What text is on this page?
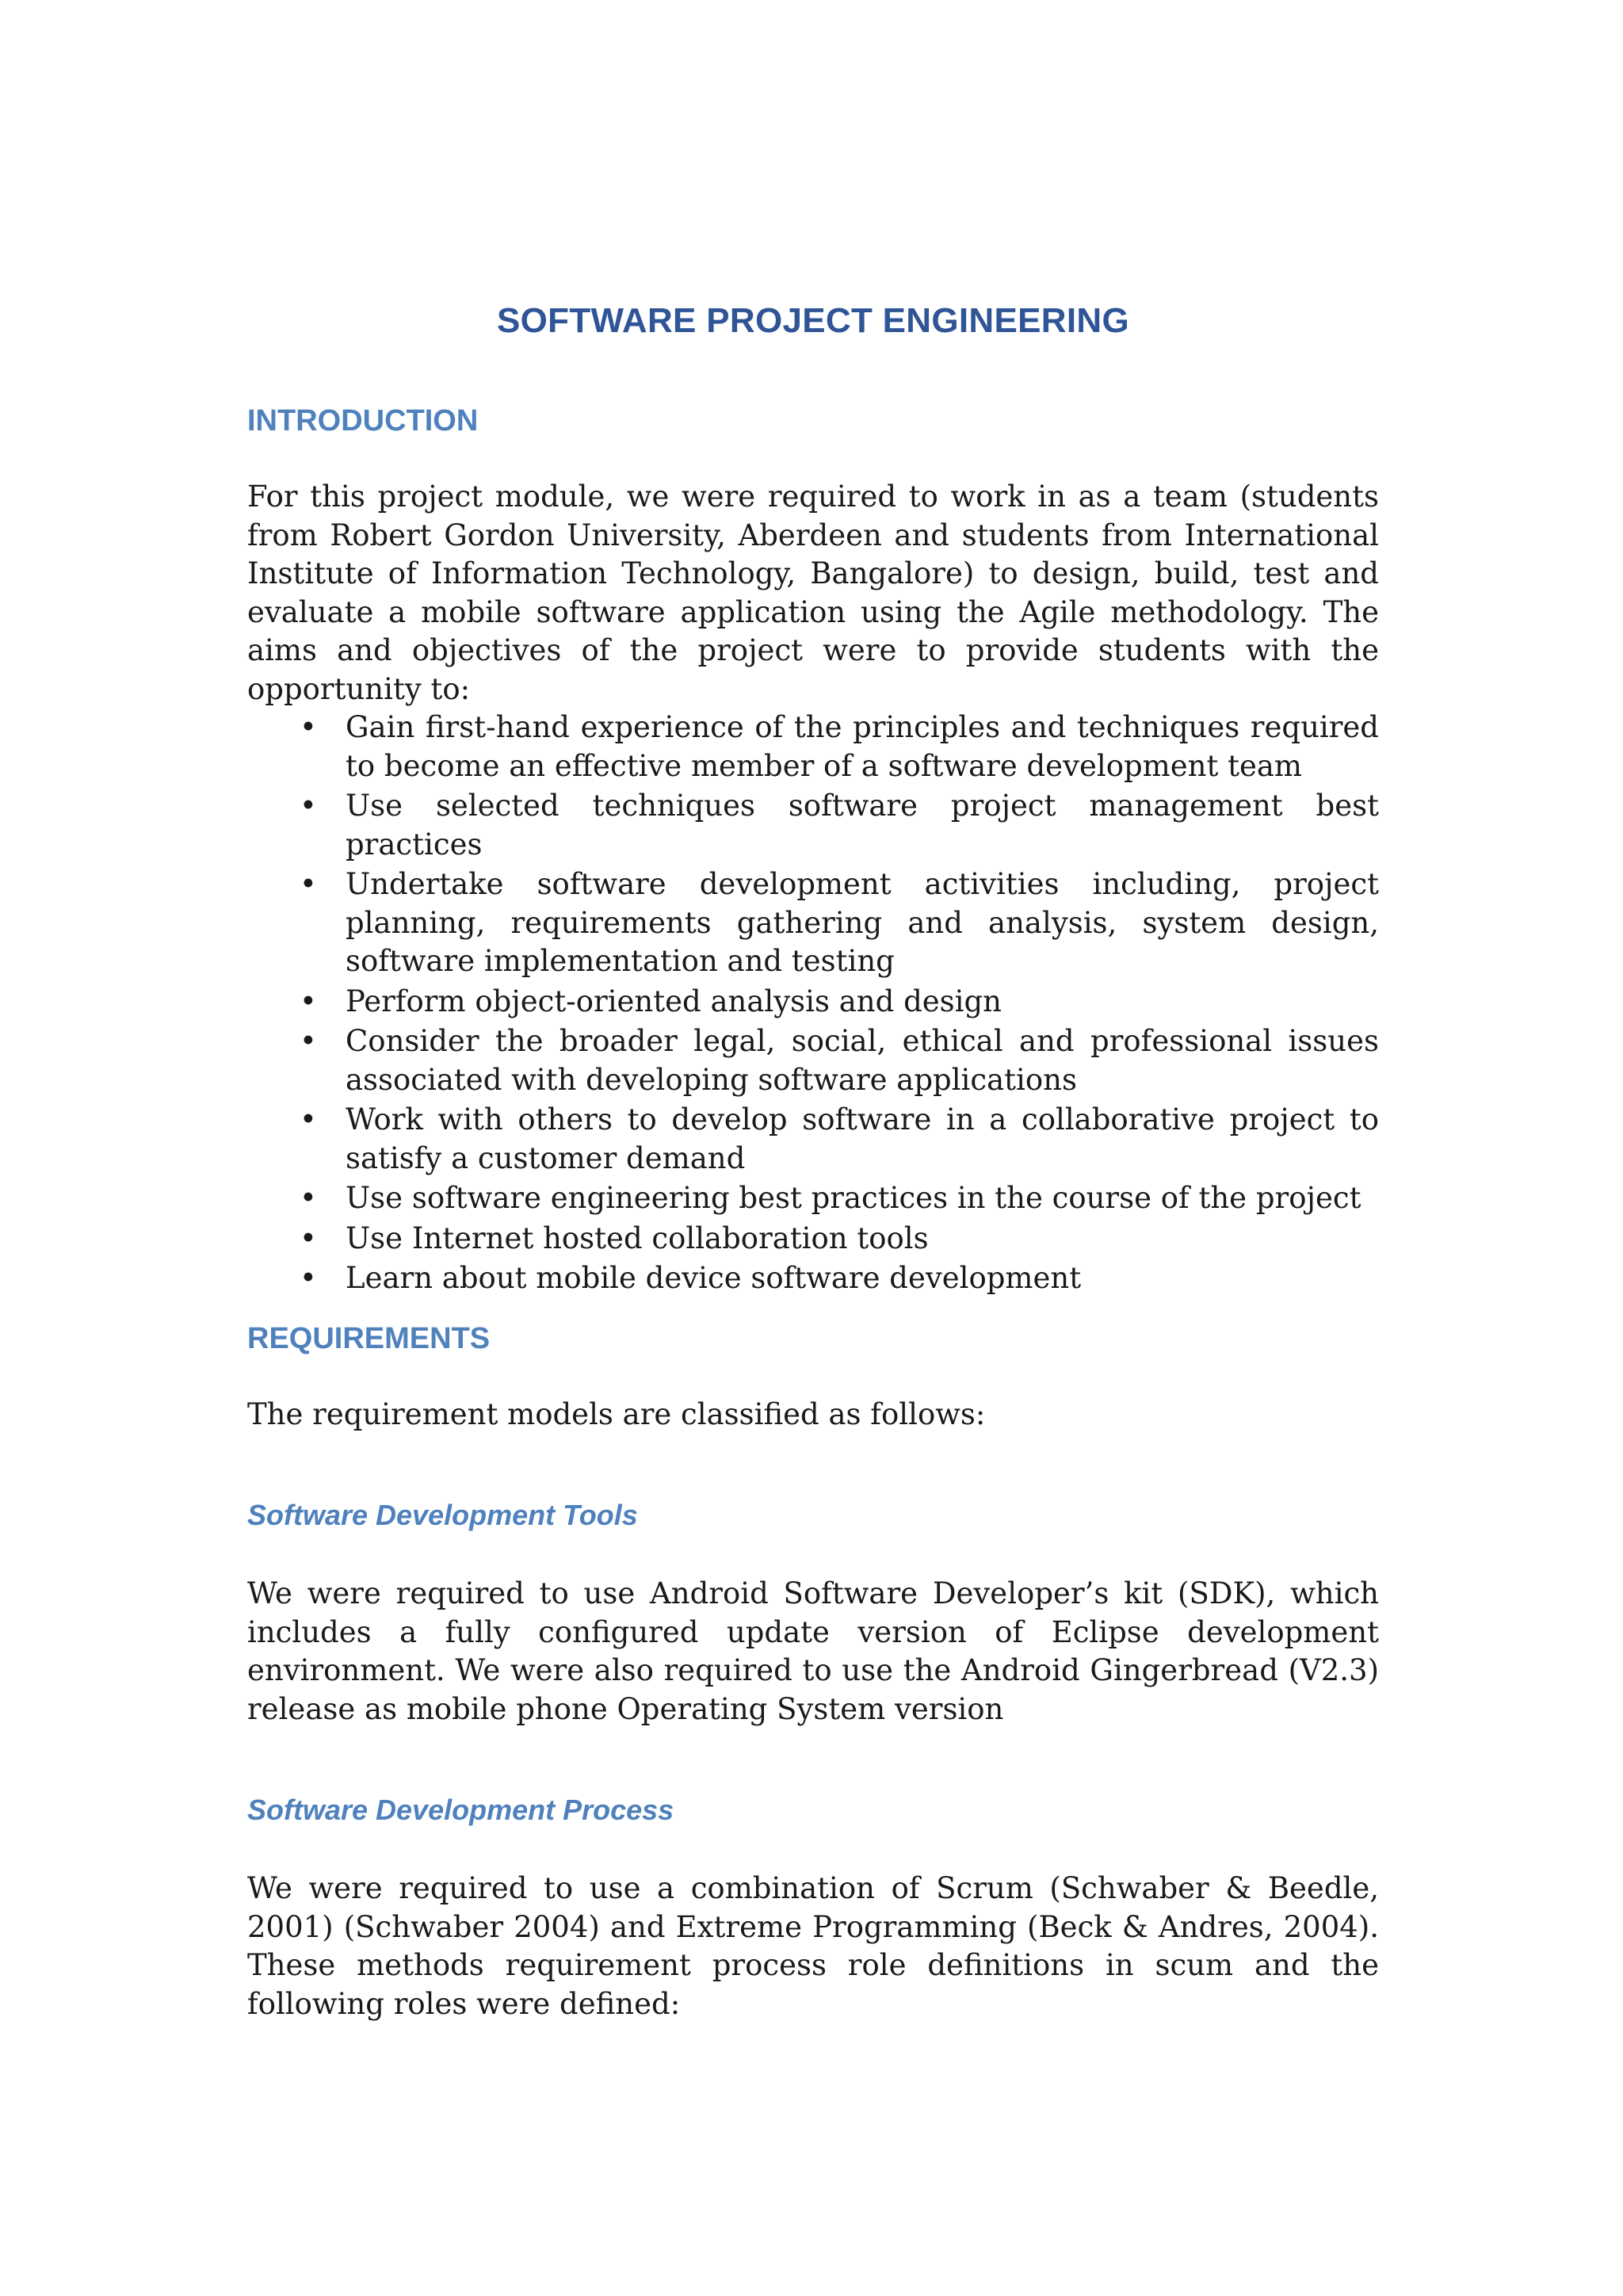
SOFTWARE PROJECT ENGINEERING
INTRODUCTION

For this project module, we were required to work in as a team (students from Robert Gordon University, Aberdeen and students from International Institute of Information Technology, Bangalore) to design, build, test and evaluate a mobile software application using the Agile methodology. The aims and objectives of the project were to provide students with the opportunity to:

• Gain first-hand experience of the principles and techniques required to become an effective member of a software development team
• Use selected techniques software project management best practices
• Undertake software development activities including, project planning, requirements gathering and analysis, system design, software implementation and testing
• Perform object-oriented analysis and design
• Consider the broader legal, social, ethical and professional issues associated with developing software applications
• Work with others to develop software in a collaborative project to satisfy a customer demand
• Use software engineering best practices in the course of the project
• Use Internet hosted collaboration tools
• Learn about mobile device software development
REQUIREMENTS

The requirement models are classified as follows:

Software Development Tools

We were required to use Android Software Developer’s kit (SDK), which includes a fully configured update version of Eclipse development environment. We were also required to use the Android Gingerbread (V2.3) release as mobile phone Operating System version

Software Development Process

We were required to use a combination of Scrum (Schwaber & Beedle, 2001) (Schwaber 2004) and Extreme Programming (Beck & Andres, 2004). These methods requirement process role definitions in scum and the following roles were defined:
